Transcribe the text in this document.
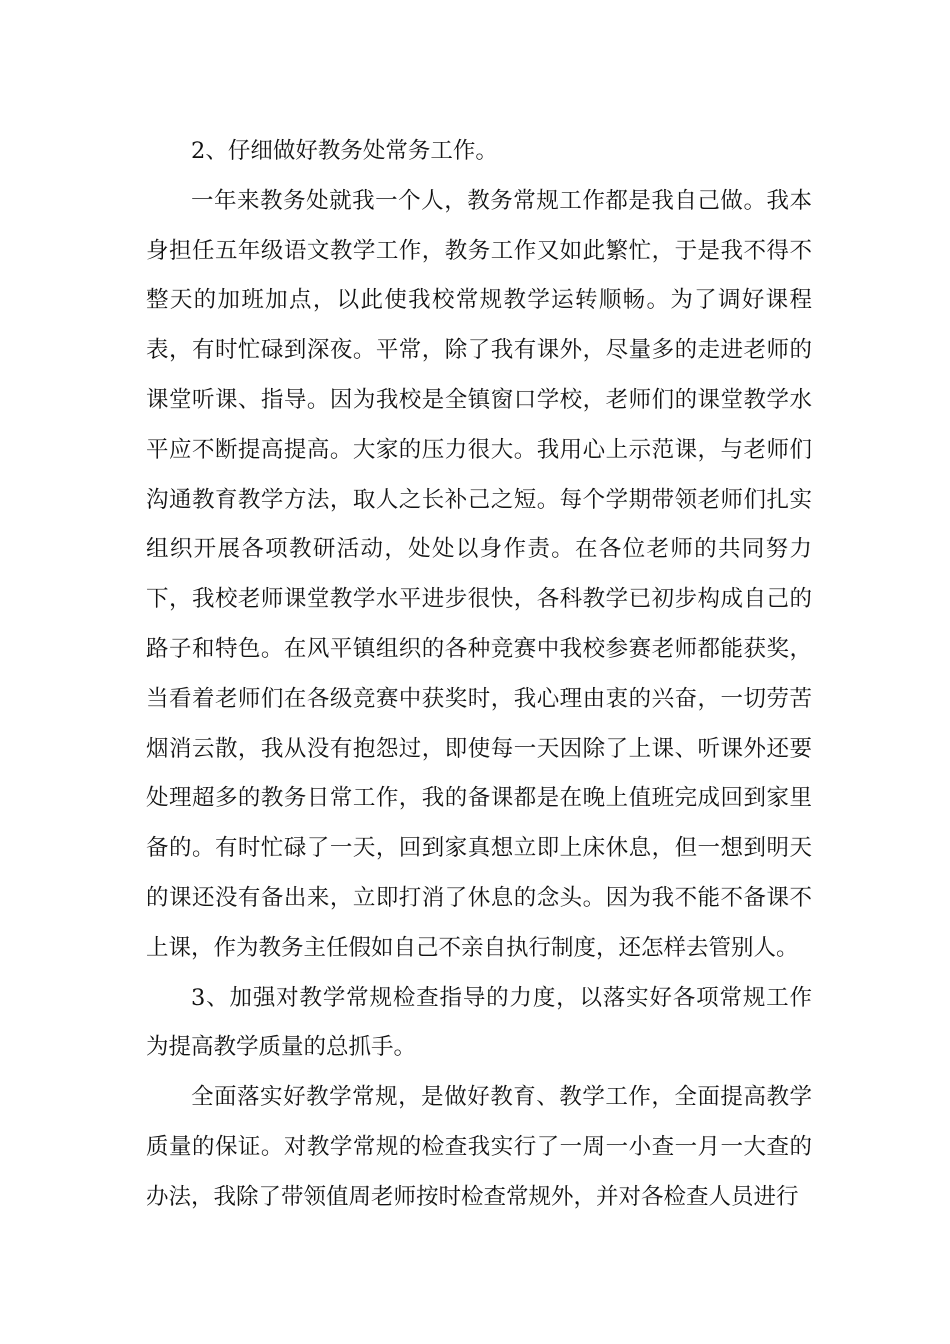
2、仔细做好教务处常务工作。

一年来教务处就我一个人，教务常规工作都是我自己做。我本身担任五年级语文教学工作，教务工作又如此繁忙，于是我不得不整天的加班加点，以此使我校常规教学运转顺畅。为了调好课程表，有时忙碌到深夜。平常，除了我有课外，尽量多的走进老师的课堂听课、指导。因为我校是全镇窗口学校，老师们的课堂教学水平应不断提高提高。大家的压力很大。我用心上示范课，与老师们沟通教育教学方法，取人之长补己之短。每个学期带领老师们扎实组织开展各项教研活动，处处以身作责。在各位老师的共同努力下，我校老师课堂教学水平进步很快，各科教学已初步构成自己的路子和特色。在风平镇组织的各种竞赛中我校参赛老师都能获奖，当看着老师们在各级竞赛中获奖时，我心理由衷的兴奋，一切劳苦烟消云散，我从没有抱怨过，即使每一天因除了上课、听课外还要处理超多的教务日常工作，我的备课都是在晚上值班完成回到家里备的。有时忙碌了一天，回到家真想立即上床休息，但一想到明天的课还没有备出来，立即打消了休息的念头。因为我不能不备课不上课，作为教务主任假如自己不亲自执行制度，还怎样去管别人。

3、加强对教学常规检查指导的力度，以落实好各项常规工作为提高教学质量的总抓手。

全面落实好教学常规，是做好教育、教学工作，全面提高教学质量的保证。对教学常规的检查我实行了一周一小查一月一大查的办法，我除了带领值周老师按时检查常规外，并对各检查人员进行
